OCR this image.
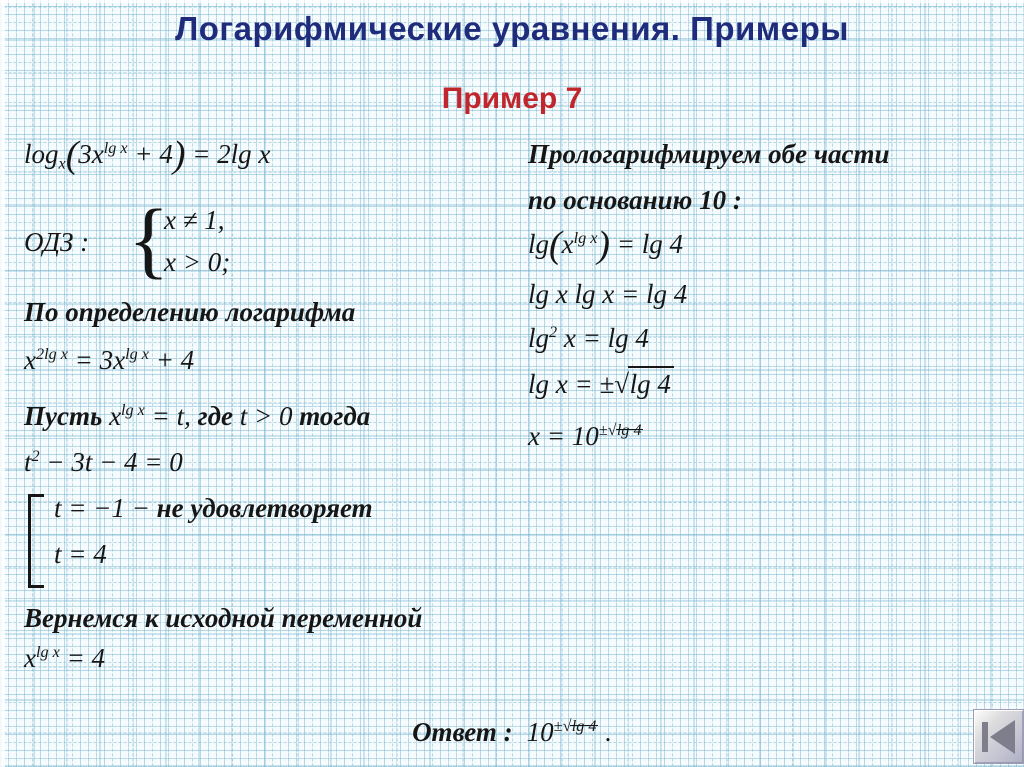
Логарифмические уравнения. Примеры
Пример 7
$\log_x(3x^{lg x} + 4) = 2\lg$ x
ОДЗ : {
x ≠ 1,
x > 0;
По определению логарифма
$x^{2lg x} = 3x^{lg x} + 4$
Пусть $x^{lg x} = t$, где t > 0 тогда
$t^2 - 3t - 4 = 0$
t = −1 − не удовлетворяет
t = 4
Вернемся к исходной переменной
$x^{lg x} = 4$
Прологарифмируем обе части
по основанию 10 :
$\lg(x^{lg x}) = \lg 4$
lg x lg x = lg 4
$\lg^2 x = \lg 4$
lg x = ± √ lg 4
$x = 10^{\pm √ lg 4}$
Ответ : $10^{\pm √ lg 4}$ .
